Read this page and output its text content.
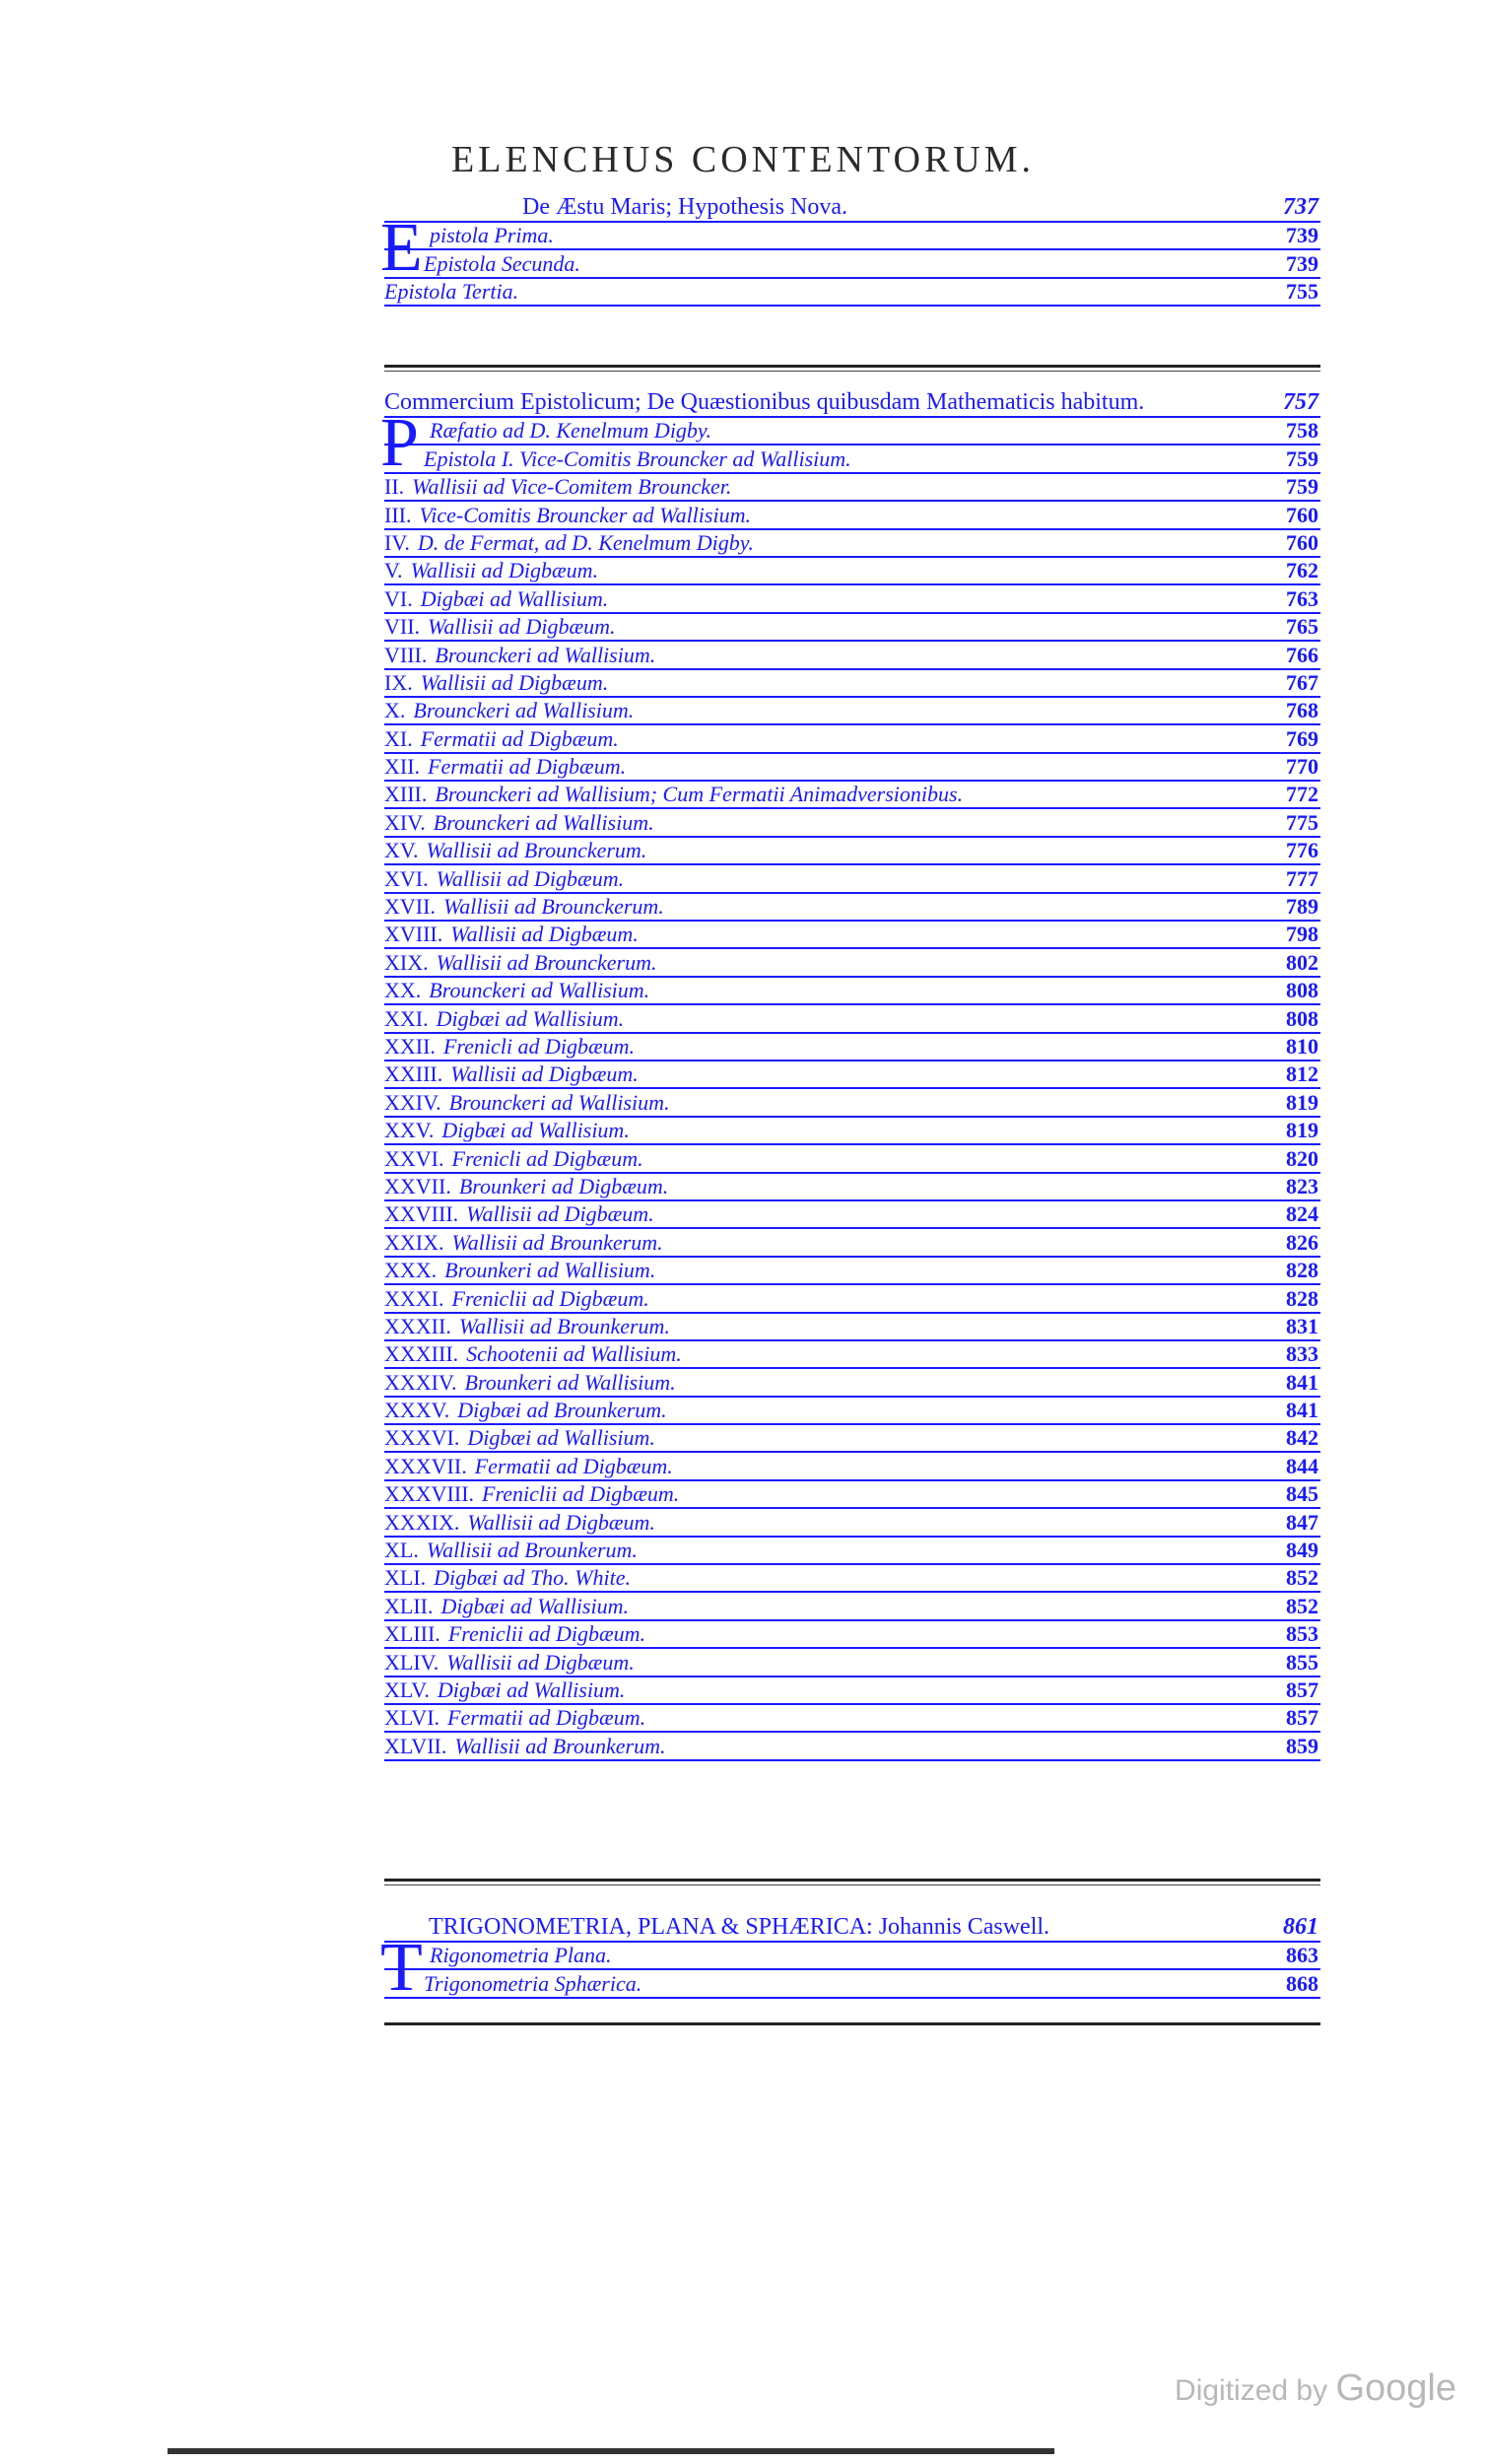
ELENCHUS CONTENTORUM.
De Æstu Maris; Hypothesis Nova.	737
E pistola Prima.	739
Epistola Secunda.	739
Epistola Tertia.	755
Commercium Epistolicum; De Quæstionibus quibusdam Mathematicis habitum.	757
P Ræfatio ad D. Kenelmum Digby.	758
Epistola I. Vice-Comitis Brouncker ad Wallisium.	759
II. Wallisii ad Vice-Comitem Brouncker.	759
III. Vice-Comitis Brouncker ad Wallisium.	760
IV. D. de Fermat, ad D. Kenelmum Digby.	760
V. Wallisii ad Digbæum.	762
VI. Digbæi ad Wallisium.	763
VII. Wallisii ad Digbæum.	765
VIII. Brounckeri ad Wallisium.	766
IX. Wallisii ad Digbæum.	767
X. Brounckeri ad Wallisium.	768
XI. Fermatii ad Digbæum.	769
XII. Fermatii ad Digbæum.	770
XIII. Brounckeri ad Wallisium; Cum Fermatii Animadversionibus.	772
XIV. Brounckeri ad Wallisium.	775
XV. Wallisii ad Brounckerum.	776
XVI. Wallisii ad Digbæum.	777
XVII. Wallisii ad Brounckerum.	789
XVIII. Wallisii ad Digbæum.	798
XIX. Wallisii ad Brounckerum.	802
XX. Brounckeri ad Wallisium.	808
XXI. Digbæi ad Wallisium.	808
XXII. Frenicli ad Digbæum.	810
XXIII. Wallisii ad Digbæum.	812
XXIV. Brounckeri ad Wallisium.	819
XXV. Digbæi ad Wallisium.	819
XXVI. Frenicli ad Digbæum.	820
XXVII. Brounkeri ad Digbæum.	823
XXVIII. Wallisii ad Digbæum.	824
XXIX. Wallisii ad Brounkerum.	826
XXX. Brounkeri ad Wallisium.	828
XXXI. Freniclii ad Digbæum.	828
XXXII. Wallisii ad Brounkerum.	831
XXXIII. Schootenii ad Wallisium.	833
XXXIV. Brounkeri ad Wallisium.	841
XXXV. Digbæi ad Brounkerum.	841
XXXVI. Digbæi ad Wallisium.	842
XXXVII. Fermatii ad Digbæum.	844
XXXVIII. Freniclii ad Digbæum.	845
XXXIX. Wallisii ad Digbæum.	847
XL. Wallisii ad Brounkerum.	849
XLI. Digbæi ad Tho. White.	852
XLII. Digbæi ad Wallisium.	852
XLIII. Freniclii ad Digbæum.	853
XLIV. Wallisii ad Digbæum.	855
XLV. Digbæi ad Wallisium.	857
XLVI. Fermatii ad Digbæum.	857
XLVII. Wallisii ad Brounkerum.	859
TRIGONOMETRIA, PLANA & SPHÆRICA: Johannis Caswell.	861
T Rigonometria Plana.	863
Trigonometria Sphærica.	868
Digitized by Google
